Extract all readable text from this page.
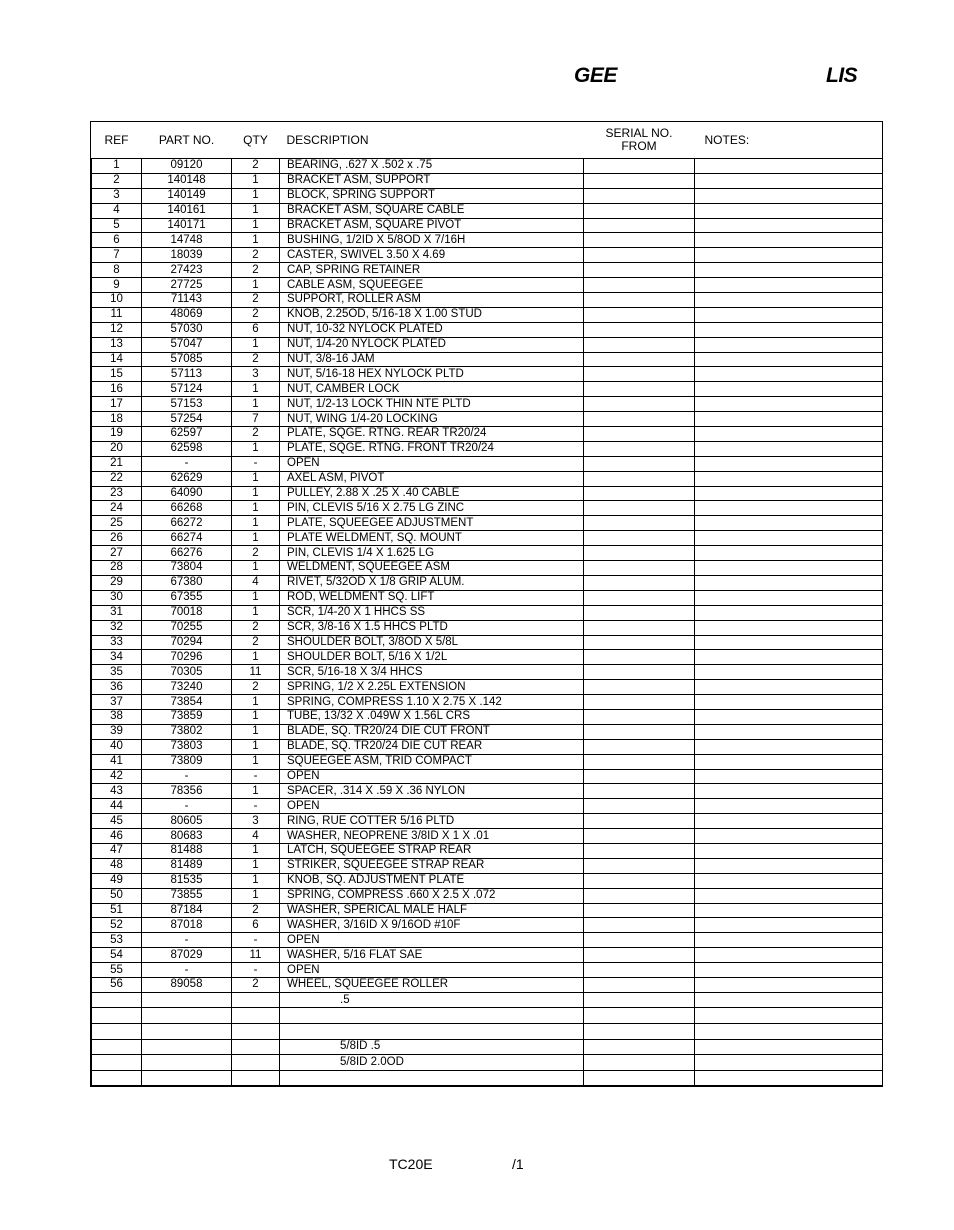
GEE	LIS
REF	PART NO.	QTY	DESCRIPTION	SERIAL NO.
FROM	NOTES:
1	09120	2	BEARING, .627 X .502 x .75		
2	140148	1	BRACKET ASM, SUPPORT		
3	140149	1	BLOCK, SPRING SUPPORT		
4	140161	1	BRACKET ASM, SQUARE CABLE		
5	140171	1	BRACKET ASM, SQUARE PIVOT		
6	14748	1	BUSHING, 1/2ID X 5/8OD X 7/16H		
7	18039	2	CASTER, SWIVEL 3.50 X 4.69		
8	27423	2	CAP, SPRING RETAINER		
9	27725	1	CABLE ASM, SQUEEGEE		
10	71143	2	SUPPORT, ROLLER ASM		
11	48069	2	KNOB, 2.25OD, 5/16-18 X 1.00 STUD		
12	57030	6	NUT, 10-32 NYLOCK PLATED		
13	57047	1	NUT, 1/4-20 NYLOCK PLATED		
14	57085	2	NUT, 3/8-16 JAM		
15	57113	3	NUT, 5/16-18 HEX NYLOCK PLTD		
16	57124	1	NUT, CAMBER LOCK		
17	57153	1	NUT, 1/2-13 LOCK THIN NTE PLTD		
18	57254	7	NUT, WING 1/4-20 LOCKING		
19	62597	2	PLATE, SQGE. RTNG. REAR TR20/24		
20	62598	1	PLATE, SQGE. RTNG. FRONT TR20/24		
21	-	-	OPEN		
22	62629	1	AXEL ASM, PIVOT		
23	64090	1	PULLEY, 2.88 X .25 X .40 CABLE		
24	66268	1	PIN, CLEVIS 5/16 X 2.75 LG ZINC		
25	66272	1	PLATE, SQUEEGEE ADJUSTMENT		
26	66274	1	PLATE WELDMENT, SQ. MOUNT		
27	66276	2	PIN, CLEVIS 1/4 X 1.625 LG		
28	73804	1	WELDMENT, SQUEEGEE ASM		
29	67380	4	RIVET, 5/32OD X 1/8 GRIP ALUM.		
30	67355	1	ROD, WELDMENT SQ. LIFT		
31	70018	1	SCR, 1/4-20 X 1 HHCS SS		
32	70255	2	SCR, 3/8-16 X 1.5 HHCS PLTD		
33	70294	2	SHOULDER BOLT, 3/8OD X 5/8L		
34	70296	1	SHOULDER BOLT, 5/16 X 1/2L		
35	70305	11	SCR, 5/16-18 X 3/4 HHCS		
36	73240	2	SPRING, 1/2 X 2.25L EXTENSION		
37	73854	1	SPRING, COMPRESS 1.10 X 2.75 X .142		
38	73859	1	TUBE, 13/32 X .049W X 1.56L CRS		
39	73802	1	BLADE, SQ. TR20/24 DIE CUT FRONT		
40	73803	1	BLADE, SQ. TR20/24 DIE CUT REAR		
41	73809	1	SQUEEGEE ASM, TRID COMPACT		
42	-	-	OPEN		
43	78356	1	SPACER, .314 X .59 X .36 NYLON		
44	-	-	OPEN		
45	80605	3	RING, RUE COTTER 5/16 PLTD		
46	80683	4	WASHER, NEOPRENE 3/8ID X 1 X .01		
47	81488	1	LATCH, SQUEEGEE STRAP REAR		
48	81489	1	STRIKER, SQUEEGEE STRAP REAR		
49	81535	1	KNOB, SQ. ADJUSTMENT PLATE		
50	73855	1	SPRING, COMPRESS .660 X 2.5 X .072		
51	87184	2	WASHER, SPERICAL MALE HALF		
52	87018	6	WASHER, 3/16ID X 9/16OD #10F		
53	-	-	OPEN		
54	87029	11	WASHER, 5/16 FLAT SAE		
55	-	-	OPEN		
56	89058	2	WHEEL, SQUEEGEE ROLLER		
			.5		

			5/8ID .5		
			5/8ID 2.0OD		

TC20E	/1
